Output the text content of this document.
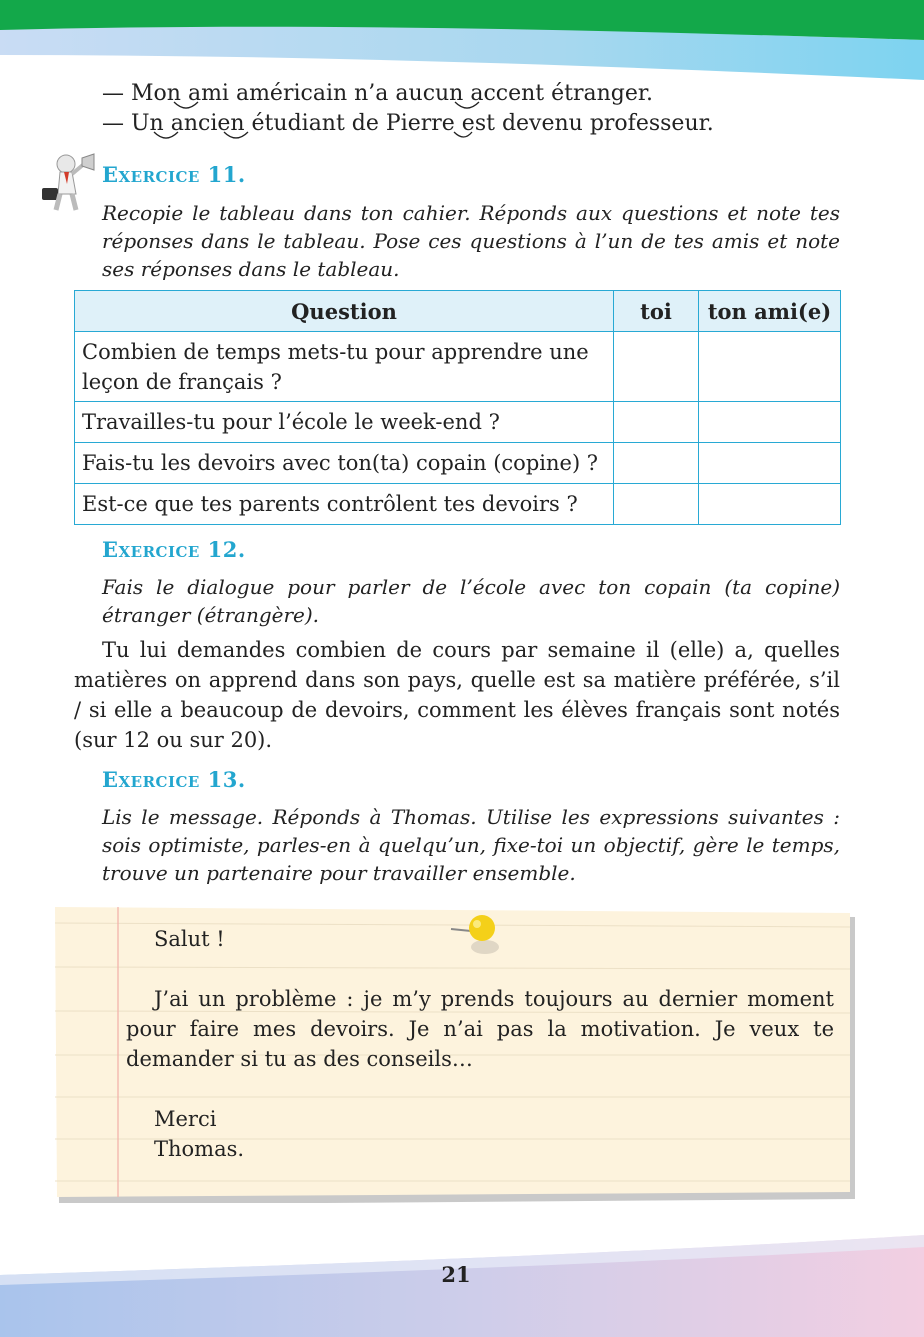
— Mon ami américain n’a aucun accent étranger.
— Un ancien étudiant de Pierre est devenu professeur.
Exercice 11.
Recopie le tableau dans ton cahier. Réponds aux questions et note tes réponses dans le tableau. Pose ces questions à l’un de tes amis et note ses réponses dans le tableau.
Question	toi	ton ami(e)
Combien de temps mets-tu pour apprendre une leçon de français ?		
Travailles-tu pour l’école le week-end ?		
Fais-tu les devoirs avec ton(ta) copain (copine) ?		
Est-ce que tes parents contrôlent tes devoirs ?		
Exercice 12.
Fais le dialogue pour parler de l’école avec ton copain (ta copine) étranger (étrangère).
Tu lui demandes combien de cours par semaine il (elle) a, quelles matières on apprend dans son pays, quelle est sa matière préférée, s’il / si elle a beaucoup de devoirs, comment les élèves français sont notés (sur 12 ou sur 20).
Exercice 13.
Lis le message. Réponds à Thomas. Utilise les expressions suivantes : sois optimiste, parles-en à quelqu’un, fixe-toi un objectif, gère le temps, trouve un partenaire pour travailler ensemble.
Salut !
J’ai un problème : je m’y prends toujours au dernier moment pour faire mes devoirs. Je n’ai pas la motivation. Je veux te demander si tu as des conseils…
Merci
Thomas.
21
